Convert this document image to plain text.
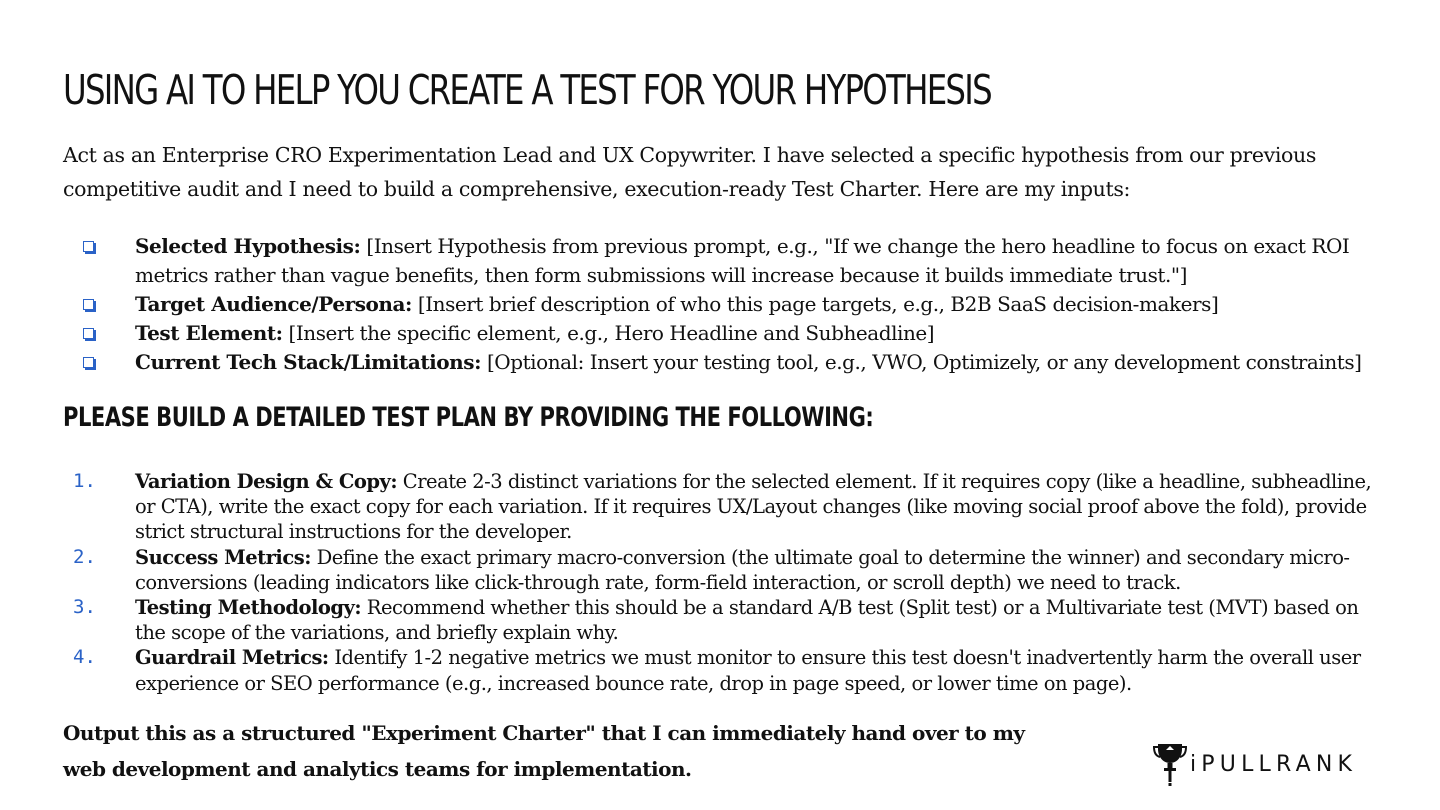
USING AI TO HELP YOU CREATE A TEST FOR YOUR HYPOTHESIS

Act as an Enterprise CRO Experimentation Lead and UX Copywriter. I have selected a specific hypothesis from our previous competitive audit and I need to build a comprehensive, execution-ready Test Charter. Here are my inputs:

Selected Hypothesis: [Insert Hypothesis from previous prompt, e.g., "If we change the hero headline to focus on exact ROI metrics rather than vague benefits, then form submissions will increase because it builds immediate trust."]
Target Audience/Persona: [Insert brief description of who this page targets, e.g., B2B SaaS decision-makers]
Test Element: [Insert the specific element, e.g., Hero Headline and Subheadline]
Current Tech Stack/Limitations: [Optional: Insert your testing tool, e.g., VWO, Optimizely, or any development constraints]
PLEASE BUILD A DETAILED TEST PLAN BY PROVIDING THE FOLLOWING:
1. Variation Design & Copy: Create 2-3 distinct variations for the selected element. If it requires copy (like a headline, subheadline, or CTA), write the exact copy for each variation. If it requires UX/Layout changes (like moving social proof above the fold), provide strict structural instructions for the developer.
2. Success Metrics: Define the exact primary macro-conversion (the ultimate goal to determine the winner) and secondary micro-conversions (leading indicators like click-through rate, form-field interaction, or scroll depth) we need to track.
3. Testing Methodology: Recommend whether this should be a standard A/B test (Split test) or a Multivariate test (MVT) based on the scope of the variations, and briefly explain why.
4. Guardrail Metrics: Identify 1-2 negative metrics we must monitor to ensure this test doesn't inadvertently harm the overall user experience or SEO performance (e.g., increased bounce rate, drop in page speed, or lower time on page).

Output this as a structured "Experiment Charter" that I can immediately hand over to my web development and analytics teams for implementation.	iPULLRANK
